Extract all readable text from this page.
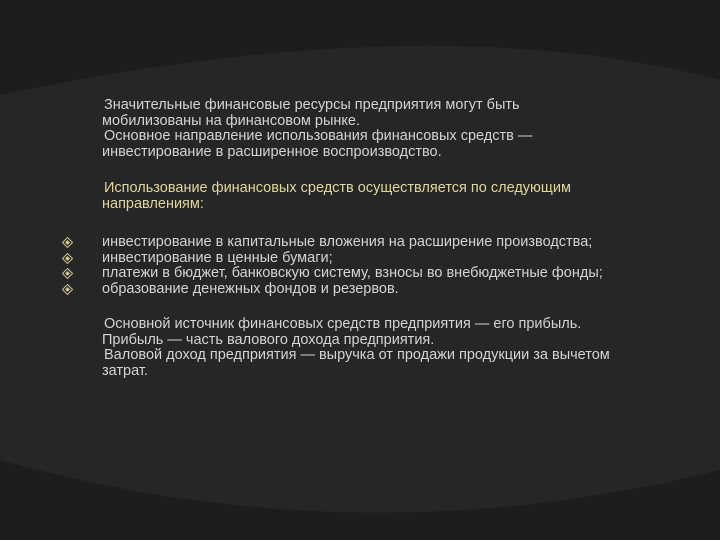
Значительные финансовые ресурсы предприятия могут быть мобилизованы на финансовом рынке.

Основное направление использования финансовых средств — инвестирование в расширенное воспроизводство.

Использование финансовых средств осуществляется по следующим направлениям:

инвестирование в капитальные вложения на расширение производства;
инвестирование в ценные бумаги;
платежи в бюджет, банковскую систему, взносы во внебюджетные фонды;
образование денежных фондов и резервов.

Основной источник финансовых средств предприятия — его прибыль. Прибыль — часть валового дохода предприятия.

Валовой доход предприятия — выручка от продажи продукции за вычетом затрат.
